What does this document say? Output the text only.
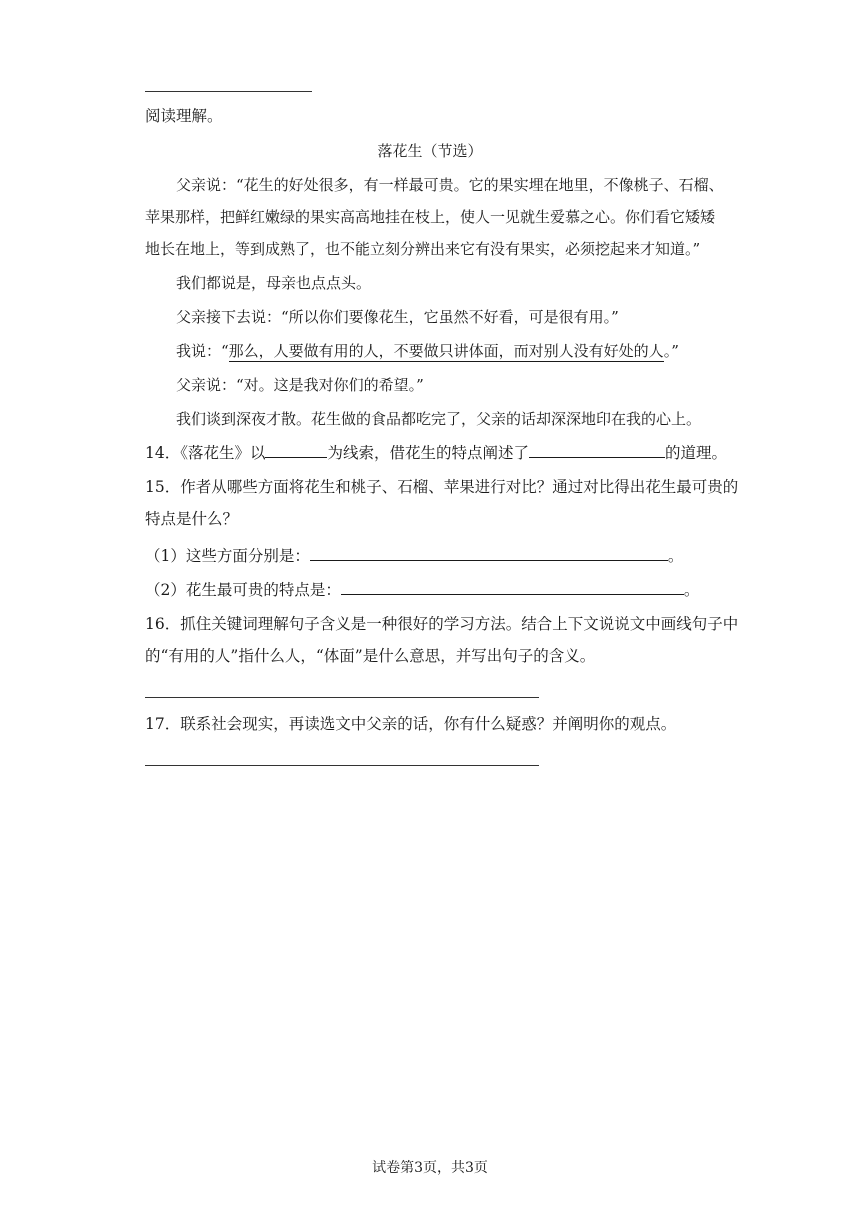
阅读理解。
落花生（节选）
父亲说：“花生的好处很多，有一样最可贵。它的果实埋在地里，不像桃子、石榴、
苹果那样，把鲜红嫩绿的果实高高地挂在枝上，使人一见就生爱慕之心。你们看它矮矮
地长在地上，等到成熟了，也不能立刻分辨出来它有没有果实，必须挖起来才知道。”
我们都说是，母亲也点点头。
父亲接下去说：“所以你们要像花生，它虽然不好看，可是很有用。”
我说：“那么，人要做有用的人，不要做只讲体面，而对别人没有好处的人。”
父亲说：“对。这是我对你们的希望。”
我们谈到深夜才散。花生做的食品都吃完了，父亲的话却深深地印在我的心上。
14．《落花生》以	为线索，借花生的特点阐述了	的道理。
15．作者从哪些方面将花生和桃子、石榴、苹果进行对比？通过对比得出花生最可贵的
特点是什么？
（1）这些方面分别是：	。
（2）花生最可贵的特点是：	。
16．抓住关键词理解句子含义是一种很好的学习方法。结合上下文说说文中画线句子中
的“有用的人”指什么人，“体面”是什么意思，并写出句子的含义。
17．联系社会现实，再读选文中父亲的话，你有什么疑惑？并阐明你的观点。
试卷第3页，共3页
